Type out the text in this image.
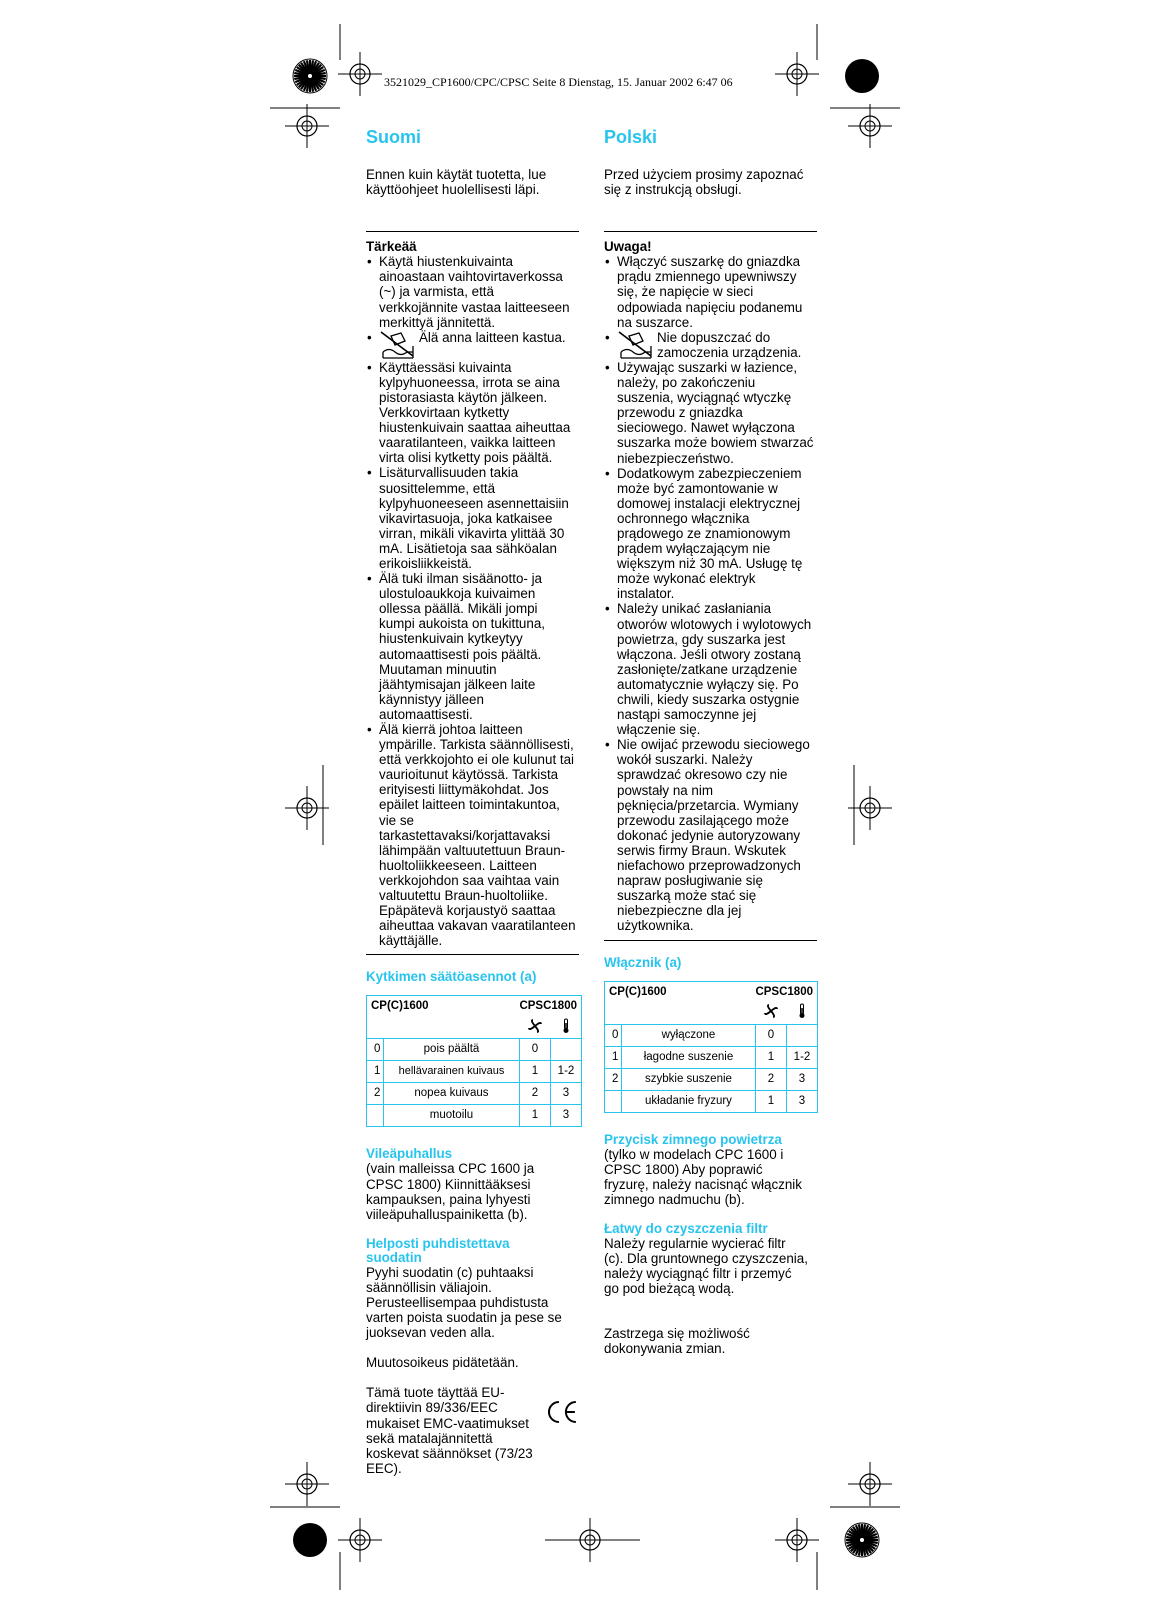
3521029_CP1600/CPC/CPSC Seite 8 Dienstag, 15. Januar 2002 6:47 06
Suomi

Ennen kuin käytät tuotetta, lue käyttöohjeet huolellisesti läpi.

Tärkeää

• Käytä hiustenkuivainta ainoastaan vaihtovirtaverkossa (~) ja varmista, että verkkojännite vastaa laitteeseen merkittyä jännitettä.
• Älä anna laitteen kastua.
• Käyttäessäsi kuivainta kylpyhuoneessa, irrota se aina pistorasiasta käytön jälkeen. Verkkovirtaan kytketty hiustenkuivain saattaa aiheuttaa vaaratilanteen, vaikka laitteen virta olisi kytketty pois päältä.
• Lisäturvallisuuden takia suosittelemme, että kylpyhuoneeseen asennettaisiin vikavirtasuoja, joka katkaisee virran, mikäli vikavirta ylittää 30 mA. Lisätietoja saa sähköalan erikoisliikkeistä.
• Älä tuki ilman sisäänotto- ja ulostuloaukkoja kuivaimen ollessa päällä. Mikäli jompi kumpi aukoista on tukittuna, hiustenkuivain kytkeytyy automaattisesti pois päältä. Muutaman minuutin jäähtymisajan jälkeen laite käynnistyy jälleen automaattisesti.
• Älä kierrä johtoa laitteen ympärille. Tarkista säännöllisesti, että verkkojohto ei ole kulunut tai vaurioitunut käytössä. Tarkista erityisesti liittymäkohdat. Jos epäilet laitteen toimintakuntoa, vie se tarkastettavaksi/korjattavaksi lähimpään valtuutettuun Braun-huoltoliikkeeseen. Laitteen verkkojohdon saa vaihtaa vain valtuutettu Braun-huoltoliike. Epäpätevä korjaustyö saattaa aiheuttaa vakavan vaaratilanteen käyttäjälle.
Kytkimen säätöasennot (a)
CP(C)1600		CPSC1800	

0	pois päältä	0	
1	hellävarainen kuivaus	1	1-2
2	nopea kuivaus	2	3
	muotoilu	1	3
Vileäpuhallus

(vain malleissa CPC 1600 ja CPSC 1800) Kiinnittääksesi kampauksen, paina lyhyesti viileäpuhalluspainiketta (b).

Helposti puhdistettava suodatin

Pyyhi suodatin (c) puhtaaksi säännöllisin väliajoin. Perusteellisempaa puhdistusta varten poista suodatin ja pese se juoksevan veden alla.

Muutosoikeus pidätetään.

Tämä tuote täyttää EU-direktiivin 89/336/EEC mukaiset EMC-vaatimukset sekä matalajännitettä koskevat säännökset (73/23 EEC).

Polski

Przed użyciem prosimy zapoznać się z instrukcją obsługi.

Uwaga!

• Włączyć suszarkę do gniazdka prądu zmiennego upewniwszy się, że napięcie w sieci odpowiada napięciu podanemu na suszarce.
• Nie dopuszczać do zamoczenia urządzenia.
• Używając suszarki w łazience, należy, po zakończeniu suszenia, wyciągnąć wtyczkę przewodu z gniazdka sieciowego. Nawet wyłączona suszarka może bowiem stwarzać niebezpieczeństwo.
• Dodatkowym zabezpieczeniem może być zamontowanie w domowej instalacji elektrycznej ochronnego włącznika prądowego ze znamionowym prądem wyłączającym nie większym niż 30 mA. Usługę tę może wykonać elektryk instalator.
• Należy unikać zasłaniania otworów wlotowych i wylotowych powietrza, gdy suszarka jest włączona. Jeśli otwory zostaną zasłonięte/zatkane urządzenie automatycznie wyłączy się. Po chwili, kiedy suszarka ostygnie nastąpi samoczynne jej włączenie się.
• Nie owijać przewodu sieciowego wokół suszarki. Należy sprawdzać okresowo czy nie powstały na nim pęknięcia/przetarcia. Wymiany przewodu zasilającego może dokonać jedynie autoryzowany serwis firmy Braun. Wskutek niefachowo przeprowadzonych napraw posługiwanie się suszarką może stać się niebezpieczne dla jej użytkownika.
Włącznik (a)
CP(C)1600		CPSC1800	

0	wyłączone	0	
1	łagodne suszenie	1	1-2
2	szybkie suszenie	2	3
	układanie fryzury	1	3
Przycisk zimnego powietrza

(tylko w modelach CPC 1600 i CPSC 1800) Aby poprawić fryzurę, należy nacisnąć włącznik zimnego nadmuchu (b).

Łatwy do czyszczenia filtr

Należy regularnie wycierać filtr (c). Dla gruntownego czyszczenia, należy wyciągnąć filtr i przemyć go pod bieżącą wodą.

Zastrzega się możliwość dokonywania zmian.
